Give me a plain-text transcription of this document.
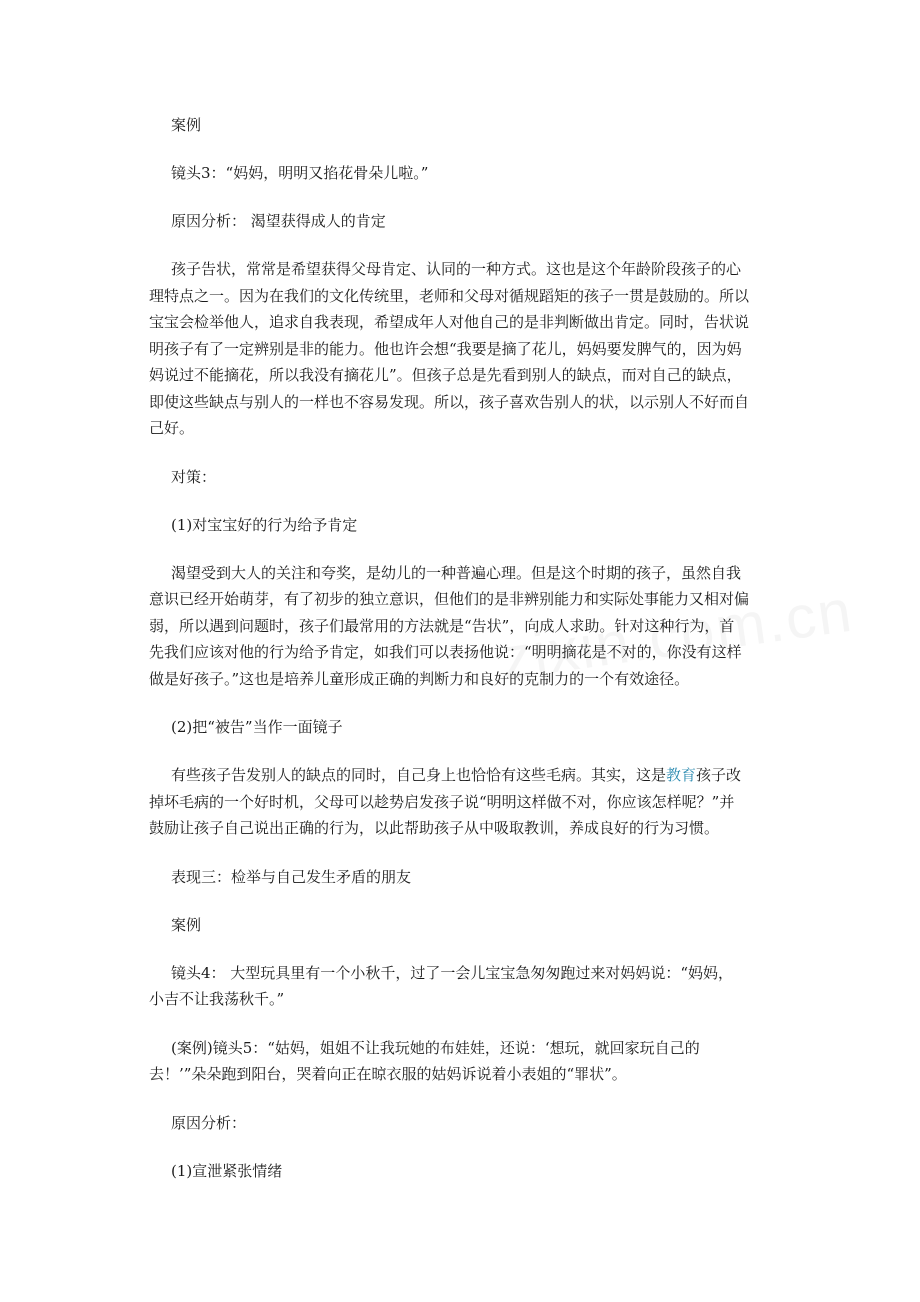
案例

镜头3：“妈妈，明明又掐花骨朵儿啦。”

原因分析： 渴望获得成人的肯定

孩子告状，常常是希望获得父母肯定、认同的一种方式。这也是这个年龄阶段孩子的心
理特点之一。因为在我们的文化传统里，老师和父母对循规蹈矩的孩子一贯是鼓励的。所以
宝宝会检举他人，追求自我表现，希望成年人对他自己的是非判断做出肯定。同时，告状说
明孩子有了一定辨别是非的能力。他也许会想“我要是摘了花儿，妈妈要发脾气的，因为妈
妈说过不能摘花，所以我没有摘花儿”。但孩子总是先看到别人的缺点，而对自己的缺点，
即使这些缺点与别人的一样也不容易发现。所以，孩子喜欢告别人的状，以示别人不好而自
己好。

对策：

(1)对宝宝好的行为给予肯定

渴望受到大人的关注和夸奖，是幼儿的一种普遍心理。但是这个时期的孩子，虽然自我
意识已经开始萌芽，有了初步的独立意识，但他们的是非辨别能力和实际处事能力又相对偏
弱，所以遇到问题时，孩子们最常用的方法就是“告状”，向成人求助。针对这种行为，首
先我们应该对他的行为给予肯定，如我们可以表扬他说：“明明摘花是不对的，你没有这样
做是好孩子。”这也是培养儿童形成正确的判断力和良好的克制力的一个有效途径。

(2)把“被告”当作一面镜子

有些孩子告发别人的缺点的同时，自己身上也恰恰有这些毛病。其实，这是教育孩子改
掉坏毛病的一个好时机，父母可以趁势启发孩子说“明明这样做不对，你应该怎样呢？”并
鼓励让孩子自己说出正确的行为，以此帮助孩子从中吸取教训，养成良好的行为习惯。

表现三：检举与自己发生矛盾的朋友

案例

镜头4： 大型玩具里有一个小秋千，过了一会儿宝宝急匆匆跑过来对妈妈说：“妈妈，
小吉不让我荡秋千。”
(案例)镜头5：“姑妈，姐姐不让我玩她的布娃娃，还说：‘想玩，就回家玩自己的
去！’”朵朵跑到阳台，哭着向正在晾衣服的姑妈诉说着小表姐的“罪状”。

原因分析：

(1)宣泄紧张情绪
